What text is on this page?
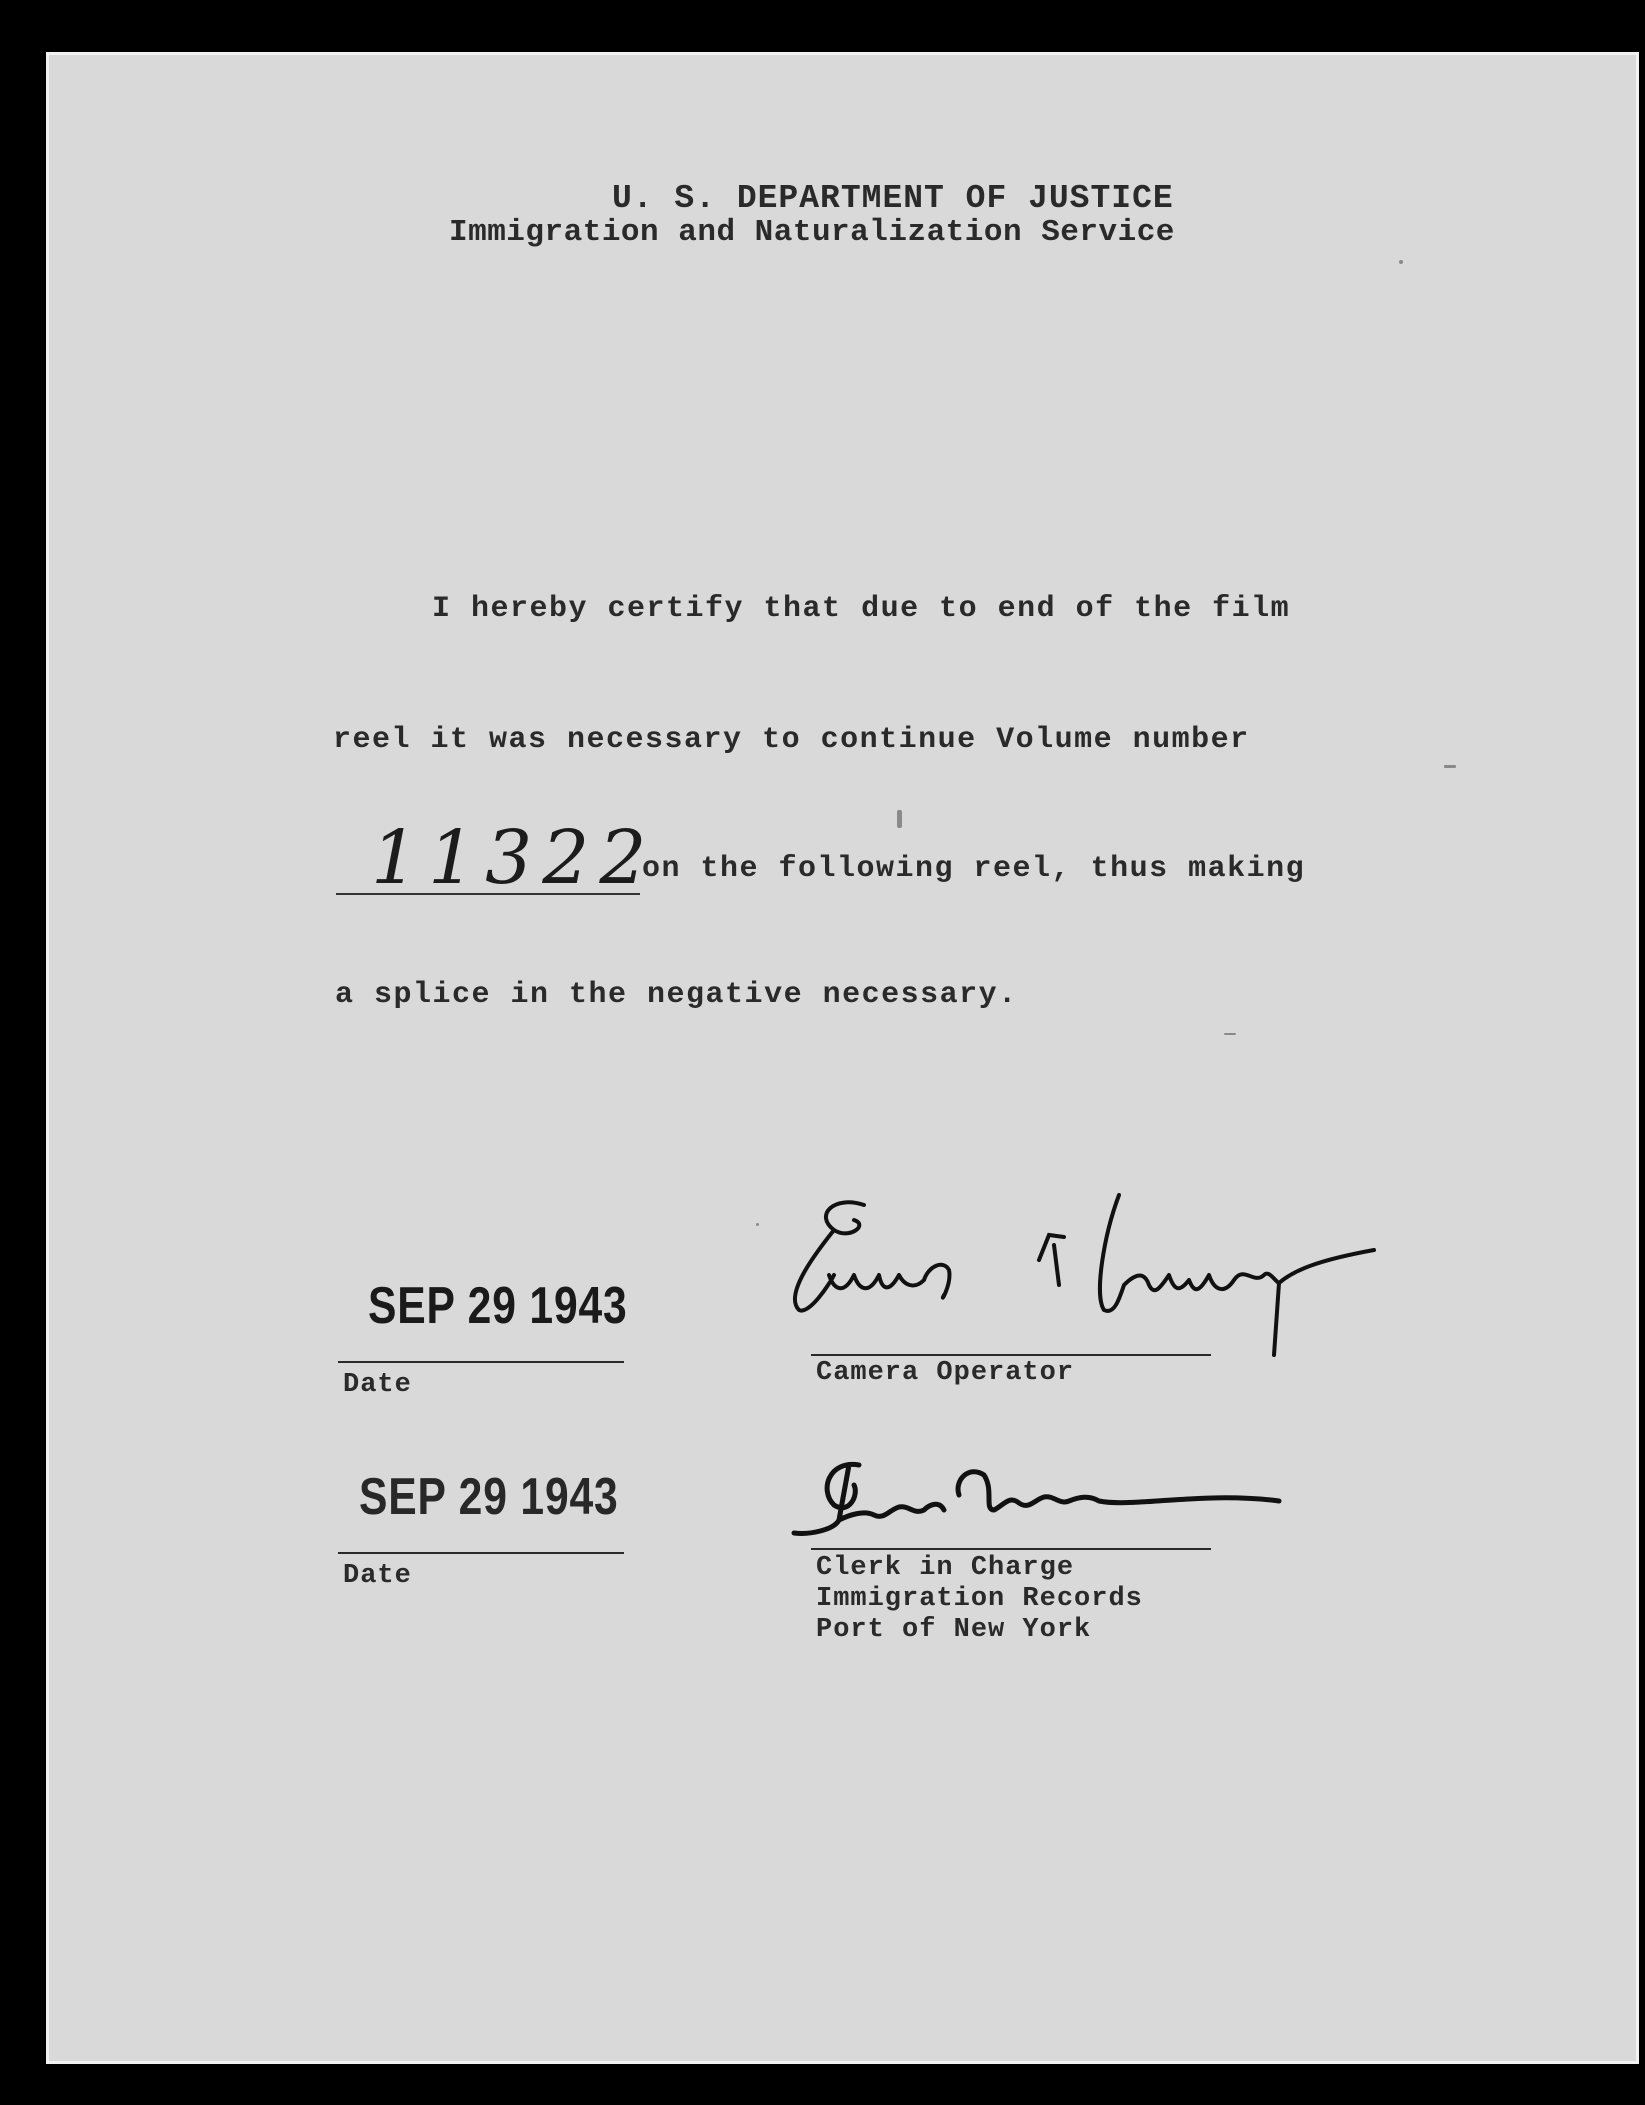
U. S. DEPARTMENT OF JUSTICE
Immigration and Naturalization Service
I hereby certify that due to end of the film
reel it was necessary to continue Volume number
11322
on the following reel, thus making
a splice in the negative necessary.
SEP 29 1943
Date
SEP 29 1943
Date
Camera Operator
Clerk in Charge
Immigration Records
Port of New York
